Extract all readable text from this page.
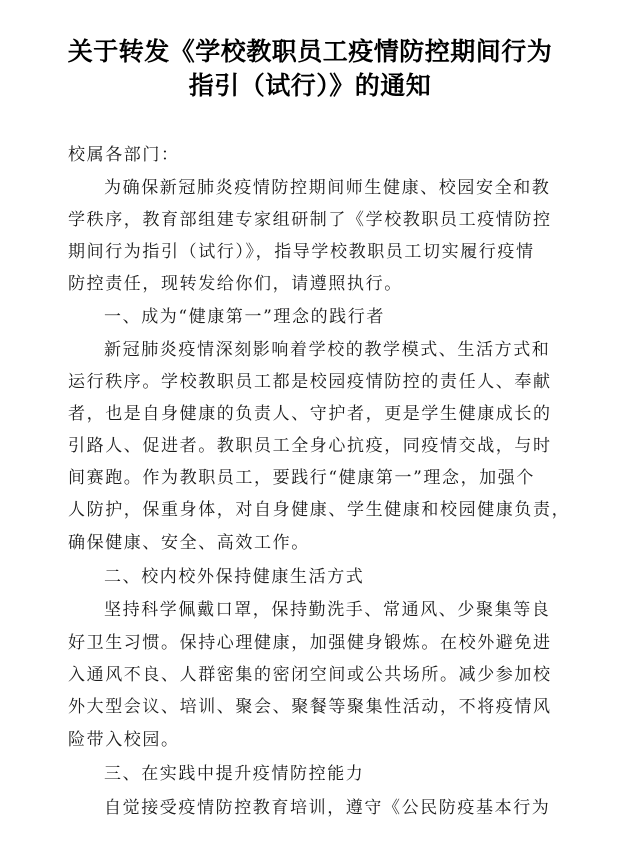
关于转发《学校教职员工疫情防控期间行为
指引（试行）》的通知
校属各部门：
为确保新冠肺炎疫情防控期间师生健康、校园安全和教
学秩序，教育部组建专家组研制了《学校教职员工疫情防控
期间行为指引（试行）》，指导学校教职员工切实履行疫情
防控责任，现转发给你们，请遵照执行。
一、成为“健康第一”理念的践行者
新冠肺炎疫情深刻影响着学校的教学模式、生活方式和
运行秩序。学校教职员工都是校园疫情防控的责任人、奉献
者，也是自身健康的负责人、守护者，更是学生健康成长的
引路人、促进者。教职员工全身心抗疫，同疫情交战，与时
间赛跑。作为教职员工，要践行“健康第一”理念，加强个
人防护，保重身体，对自身健康、学生健康和校园健康负责，
确保健康、安全、高效工作。
二、校内校外保持健康生活方式
坚持科学佩戴口罩，保持勤洗手、常通风、少聚集等良
好卫生习惯。保持心理健康，加强健身锻炼。在校外避免进
入通风不良、人群密集的密闭空间或公共场所。减少参加校
外大型会议、培训、聚会、聚餐等聚集性活动，不将疫情风
险带入校园。
三、在实践中提升疫情防控能力
自觉接受疫情防控教育培训，遵守《公民防疫基本行为
